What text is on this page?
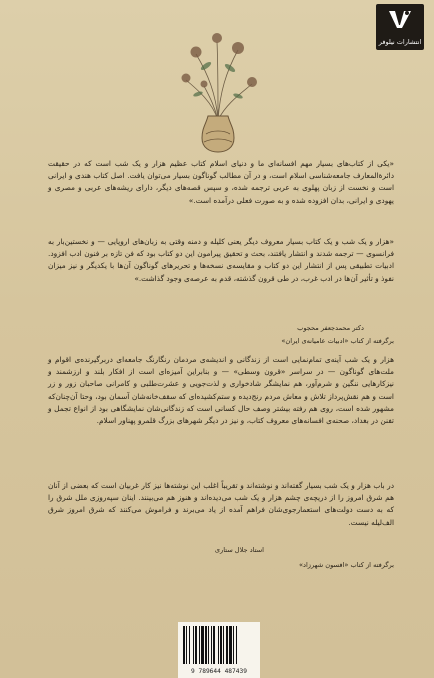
انتشارات نیلوفر

«یکی از کتاب‌های بسیار مهم افسانه‌ای ما و دنیای اسلام کتاب عظیم هزار و یک شب است که در حقیقت دائرةالمعارف جامعه‌شناسی اسلام است، و در آن مطالب گوناگون بسیار می‌توان یافت. اصل کتاب هندی و ایرانی است و نخست از زبان پهلوی به عربی ترجمه شده، و سپس قصه‌های دیگر، دارای ریشه‌های عربی و مصری و یهودی و ایرانی، بدان افزوده شده و به صورت فعلی درآمده است.»

«هزار و یک شب و یک کتاب بسیار معروف دیگر یعنی کلیله و دمنه وقتی به زبان‌های اروپایی — و نخستین‌بار به فرانسوی — ترجمه شدند و انتشار یافتند، بحث و تحقیق پیرامون این دو کتاب بود که فن تازه بر فنون ادب افزود. ادبیات تطبیقی پس از انتشار این دو کتاب و مقایسه‌ی نسخه‌ها و تحریرهای گوناگون آن‌ها با یکدیگر و نیز میزان نفوذ و تأثیر آن‌ها در ادب غرب، در طی قرون گذشته، قدم به عرصه‌ی وجود گذاشت.»

دکتر محمدجعفر محجوب
برگرفته از کتاب «ادبیات عامیانه‌ی ایران»

هزار و یک شب آینه‌ی تمام‌نمایی است از زندگانی و اندیشه‌ی مردمان رنگارنگ جامعه‌ای دربرگیرنده‌ی اقوام و ملت‌های گوناگون — در سراسر «قرون وسطی» — و بنابراین آمیزه‌ای است از افکار بلند و ارزشمند و نیزکارهایی ننگین و شرم‌آور، هم نمایشگر شادخواری و لذت‌جویی و عشرت‌طلبی و کامرانی صاحبان زور و زر است و هم نقش‌پرداز تلاش و معاش مردم رنج‌دیده و ستم‌کشیده‌ای که سقف‌خانه‌شان آسمان بود، وحتا آن‌چنان‌که مشهور شده است، روی هم رفته بیشتر وصف حال کسانی است که زندگانی‌شان نمایشگاهی بود از انواع تجمل و تفنن در بغداد، صحنه‌ی افسانه‌های معروف کتاب، و نیز در دیگر شهرهای بزرگ قلمرو پهناور اسلام.

در باب هزار و یک شب بسیار گفته‌اند و نوشته‌اند و تقریباً اغلب این نوشته‌ها نیز کار غربیان است که بعضی از آنان هم شرق امروز را از دریچه‌ی چشم هزار و یک شب می‌دیده‌اند و هنوز هم می‌بینند. اینان سپه‌روزی ملل شرق را که به دست دولت‌های استعمارجوی‌شان فراهم آمده از یاد می‌برند و فراموش می‌کنند که شرق امروز شرق الف‌لیله نیست.

استاد جلال ستاری
برگرفته از کتاب «افسون شهرزاد»
9 789644 487439
